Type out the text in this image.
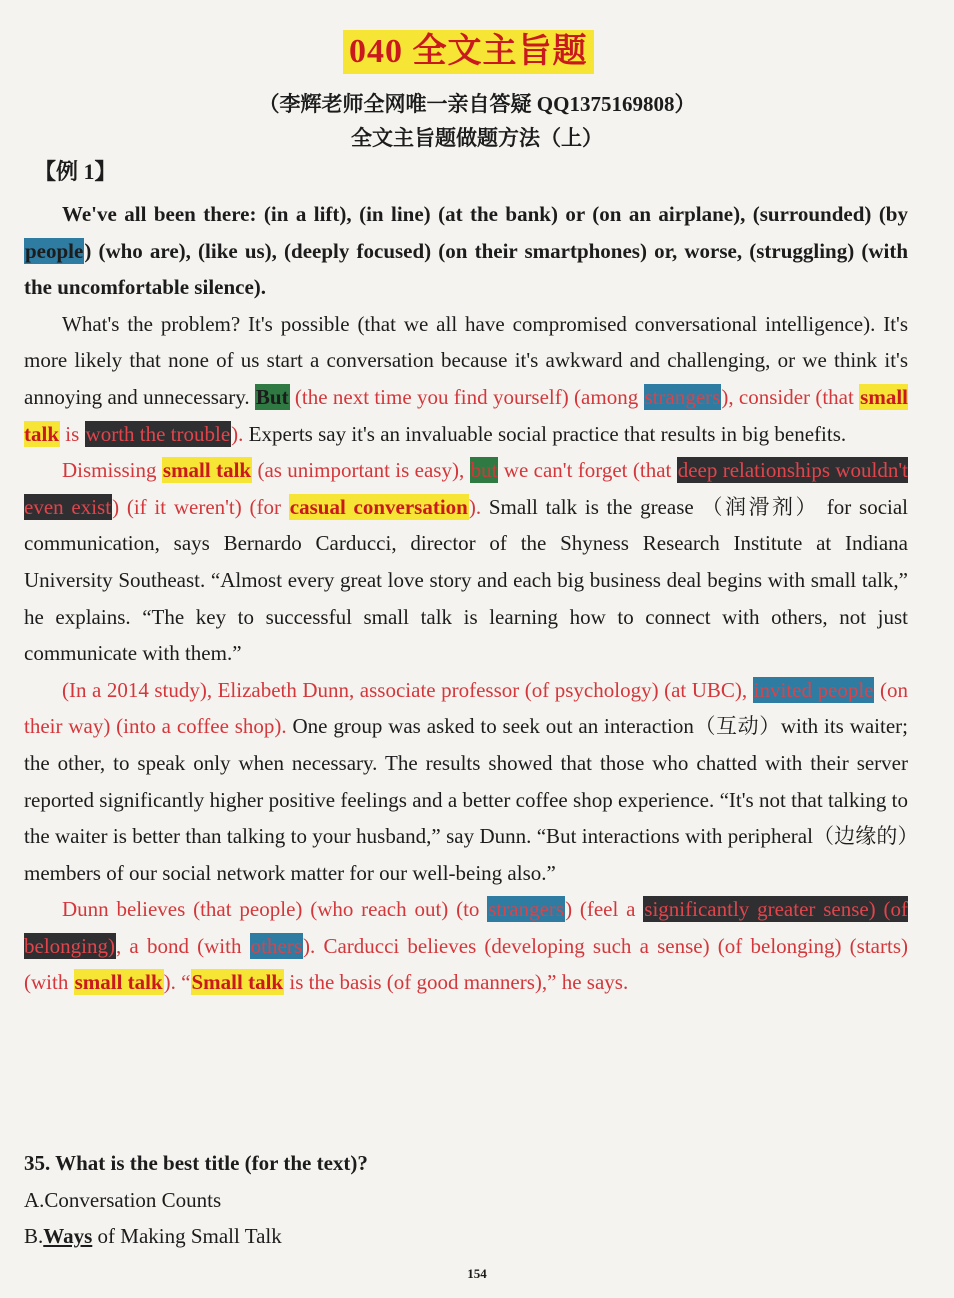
040 全文主旨题
（李辉老师全网唯一亲自答疑 QQ1375169808）
全文主旨题做题方法（上）
【例 1】

We've all been there: (in a lift), (in line) (at the bank) or (on an airplane), (surrounded) (by people) (who are), (like us), (deeply focused) (on their smartphones) or, worse, (struggling) (with the uncomfortable silence).

What's the problem? It's possible (that we all have compromised conversational intelligence). It's more likely that none of us start a conversation because it's awkward and challenging, or we think it's annoying and unnecessary. But (the next time you find yourself) (among strangers), consider (that small talk is worth the trouble). Experts say it's an invaluable social practice that results in big benefits.

Dismissing small talk (as unimportant is easy), but we can't forget (that deep relationships wouldn't even exist) (if it weren't) (for casual conversation). Small talk is the grease （润滑剂） for social communication, says Bernardo Carducci, director of the Shyness Research Institute at Indiana University Southeast. “Almost every great love story and each big business deal begins with small talk,” he explains. “The key to successful small talk is learning how to connect with others, not just communicate with them.”

(In a 2014 study), Elizabeth Dunn, associate professor (of psychology) (at UBC), invited people (on their way) (into a coffee shop). One group was asked to seek out an interaction（互动）with its waiter; the other, to speak only when necessary. The results showed that those who chatted with their server reported significantly higher positive feelings and a better coffee shop experience. “It's not that talking to the waiter is better than talking to your husband,” say Dunn. “But interactions with peripheral（边缘的）members of our social network matter for our well-being also.”

Dunn believes (that people) (who reach out) (to strangers) (feel a significantly greater sense) (of belonging), a bond (with others). Carducci believes (developing such a sense) (of belonging) (starts) (with small talk). “Small talk is the basis (of good manners),” he says.

35. What is the best title (for the text)?
A.Conversation Counts
B.Ways of Making Small Talk
154
